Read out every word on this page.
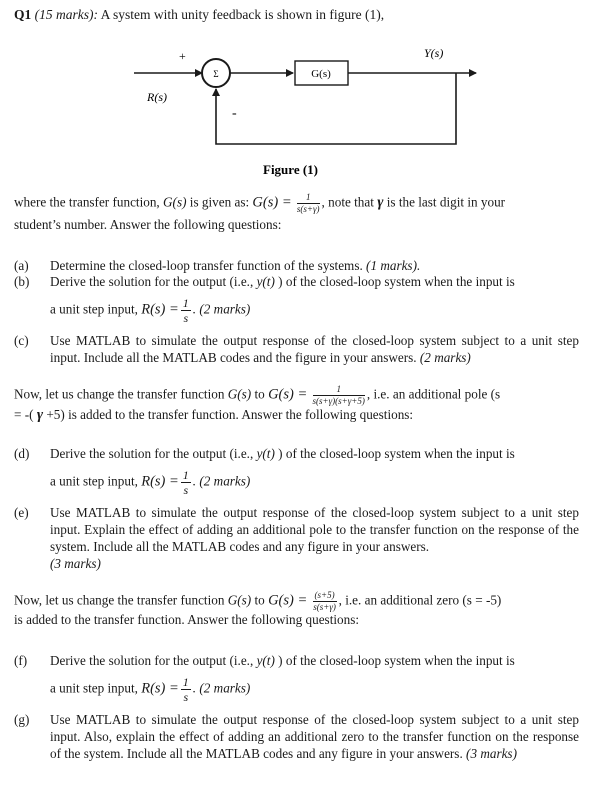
Q1 (15 marks): A system with unity feedback is shown in figure (1),
Σ	G(s)
+
-
R(s)
Y(s)
Figure (1)
where the transfer function, G(s) is given as: $G(s) = \frac{1}{s(s+\gamma)}$ , note that γ is the last digit in your
student’s number. Answer the following questions:
(a)	Determine the closed-loop transfer function of the systems. (1 marks).
(b)	Derive the solution for the output (i.e., y(t) ) of the closed-loop system when the input is
a unit step input, $R(s) = \frac{1}{s}$ . (2 marks)
(c)	Use MATLAB to simulate the output response of the closed-loop system subject to a unit step input. Include all the MATLAB codes and the figure in your answers. (2 marks)
Now, let us change the transfer function G(s) to $G(s) = \frac{1}{s(s+\gamma)(s+\gamma+5)}$ , i.e. an additional pole (s
= -( γ +5) is added to the transfer function. Answer the following questions:
(d)	Derive the solution for the output (i.e., y(t) ) of the closed-loop system when the input is
a unit step input, $R(s) = \frac{1}{s}$ . (2 marks)
(e)	Use MATLAB to simulate the output response of the closed-loop system subject to a unit step input. Explain the effect of adding an additional pole to the transfer function on the response of the system. Include all the MATLAB codes and any figure in your answers.
(3 marks)
Now, let us change the transfer function G(s) to $G(s) = \frac{(s+5)}{s(s+\gamma)}$ , i.e. an additional zero (s = -5)
is added to the transfer function. Answer the following questions:
(f)	Derive the solution for the output (i.e., y(t) ) of the closed-loop system when the input is
a unit step input, $R(s) = \frac{1}{s}$ . (2 marks)
(g)	Use MATLAB to simulate the output response of the closed-loop system subject to a unit step input. Also, explain the effect of adding an additional zero to the transfer function on the response of the system. Include all the MATLAB codes and any figure in your answers. (3 marks)
